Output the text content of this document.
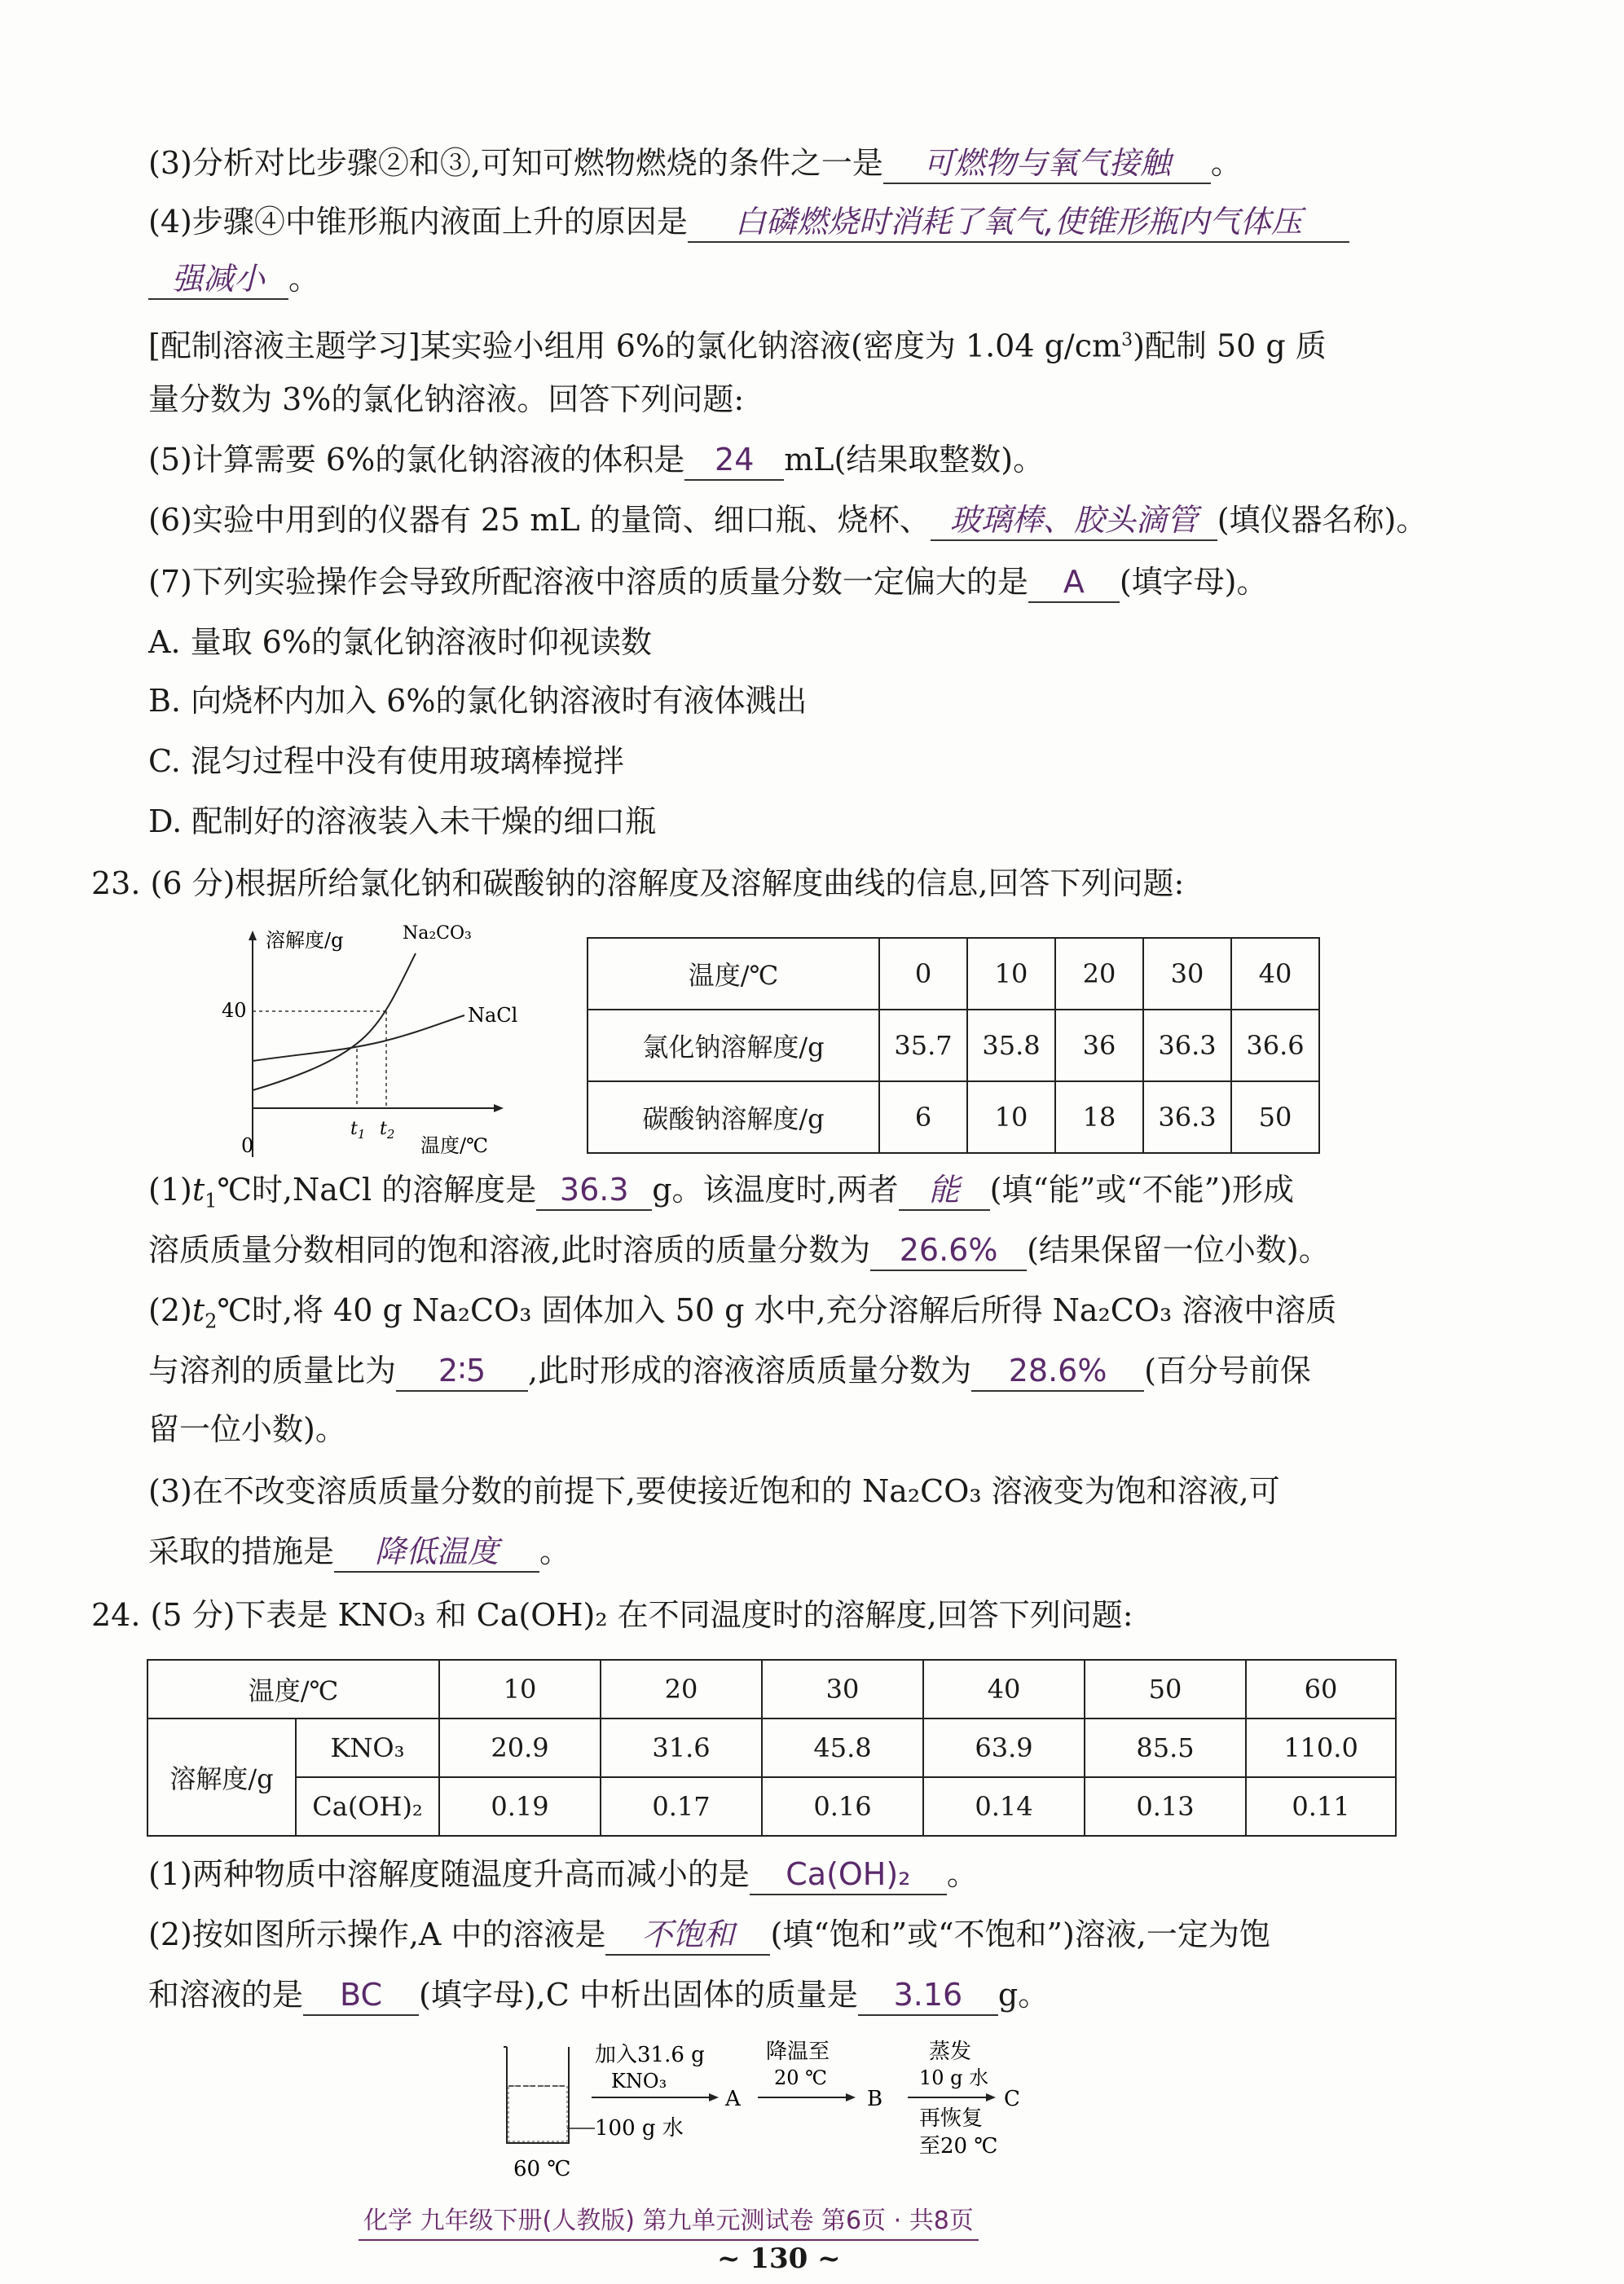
(3)分析对比步骤②和③,可知可燃物燃烧的条件之一是 可燃物与氧气接触 。
(4)步骤④中锥形瓶内液面上升的原因是 白磷燃烧时消耗了氧气,使锥形瓶内气体压
强减小 。
[配制溶液主题学习]某实验小组用 6%的氯化钠溶液(密度为 1.04 $g/cm^3$)配制 50 g 质
量分数为 3%的氯化钠溶液。回答下列问题:
(5)计算需要 6%的氯化钠溶液的体积是 24 mL(结果取整数)。
(6)实验中用到的仪器有 25 mL 的量筒、细口瓶、烧杯、 玻璃棒、胶头滴管 (填仪器名称)。
(7)下列实验操作会导致所配溶液中溶质的质量分数一定偏大的是 A (填字母)。
A. 量取 6%的氯化钠溶液时仰视读数
B. 向烧杯内加入 6%的氯化钠溶液时有液体溅出
C. 混匀过程中没有使用玻璃棒搅拌
D. 配制好的溶液装入未干燥的细口瓶
23. (6 分)根据所给氯化钠和碳酸钠的溶解度及溶解度曲线的信息,回答下列问题:
溶解度/g	Na₂CO₃
NaCl
40
0
$t_1$ $t_2$ 温度/℃
温度/℃	0	10	20	30	40
氯化钠溶解度/g	35.7	35.8	36	36.3	36.6
碳酸钠溶解度/g	6	10	18	36.3	50
$(1)t_1℃$时,NaCl 的溶解度是 36.3 g。该温度时,两者 能 (填“能”或“不能”)形成
溶质质量分数相同的饱和溶液,此时溶质的质量分数为 26.6% (结果保留一位小数)。
$(2)t_2℃$时,将 40 g Na₂CO₃ 固体加入 50 g 水中,充分溶解后所得 Na₂CO₃ 溶液中溶质
与溶剂的质量比为 2∶5 ,此时形成的溶液溶质质量分数为 28.6% (百分号前保
留一位小数)。
(3)在不改变溶质质量分数的前提下,要使接近饱和的 Na₂CO₃ 溶液变为饱和溶液,可
采取的措施是 降低温度 。
24. (5 分)下表是 KNO₃ 和 Ca(OH)₂ 在不同温度时的溶解度,回答下列问题:
温度/℃		10	20	30	40	50	60
溶解度/g	KNO₃	20.9	31.6	45.8	63.9	85.5	110.0
	Ca(OH)₂	0.19	0.17	0.16	0.14	0.13	0.11
(1)两种物质中溶解度随温度升高而减小的是 Ca(OH)₂ 。
(2)按如图所示操作,A 中的溶液是 不饱和 (填“饱和”或“不饱和”)溶液,一定为饱
和溶液的是 BC (填字母),C 中析出固体的质量是 3.16 g。
100 g 水
60 ℃
加入31.6 g
KNO₃
A
降温至
20 ℃
B
蒸发
10 g 水
再恢复
至20 ℃
C
化学 九年级下册(人教版) 第九单元测试卷 第6页 · 共8页
~ 130 ~
